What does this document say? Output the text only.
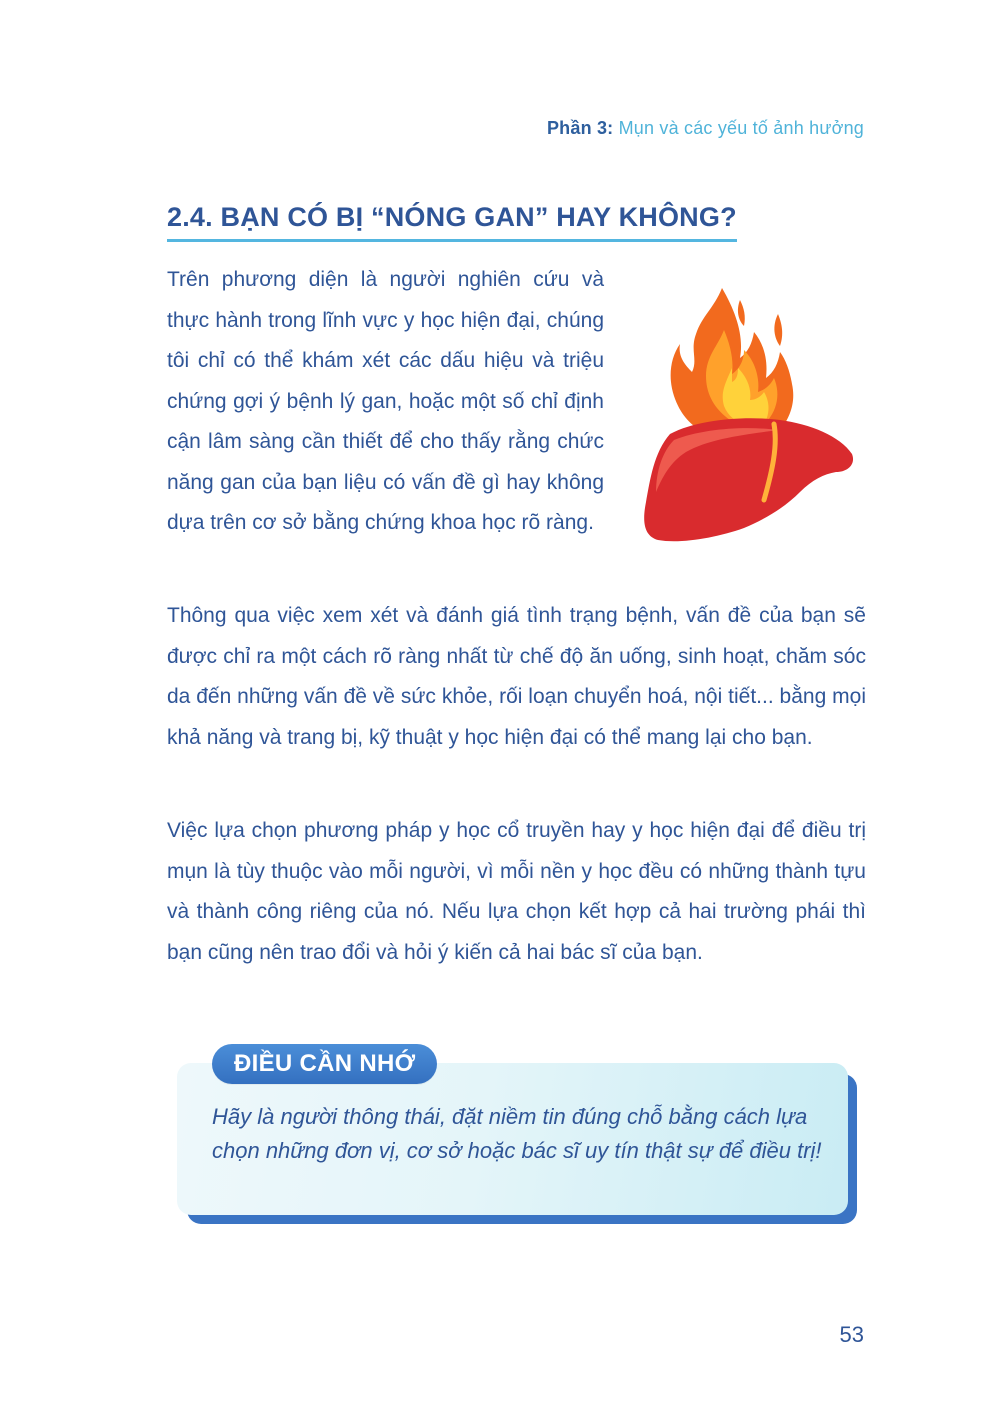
Phần 3: Mụn và các yếu tố ảnh hưởng
2.4. BẠN CÓ BỊ “NÓNG GAN” HAY KHÔNG?

Trên phương diện là người nghiên cứu và thực hành trong lĩnh vực y học hiện đại, chúng tôi chỉ có thể khám xét các dấu hiệu và triệu chứng gợi ý bệnh lý gan, hoặc một số chỉ định cận lâm sàng cần thiết để cho thấy rằng chức năng gan của bạn liệu có vấn đề gì hay không dựa trên cơ sở bằng chứng khoa học rõ ràng.

Thông qua việc xem xét và đánh giá tình trạng bệnh, vấn đề của bạn sẽ được chỉ ra một cách rõ ràng nhất từ chế độ ăn uống, sinh hoạt, chăm sóc da đến những vấn đề về sức khỏe, rối loạn chuyển hoá, nội tiết... bằng mọi khả năng và trang bị, kỹ thuật y học hiện đại có thể mang lại cho bạn.

Việc lựa chọn phương pháp y học cổ truyền hay y học hiện đại để điều trị mụn là tùy thuộc vào mỗi người, vì mỗi nền y học đều có những thành tựu và thành công riêng của nó. Nếu lựa chọn kết hợp cả hai trường phái thì bạn cũng nên trao đổi và hỏi ý kiến cả hai bác sĩ của bạn.

ĐIỀU CẦN NHỚ

Hãy là người thông thái, đặt niềm tin đúng chỗ bằng cách lựa chọn những đơn vị, cơ sở hoặc bác sĩ uy tín thật sự để điều trị!

53
